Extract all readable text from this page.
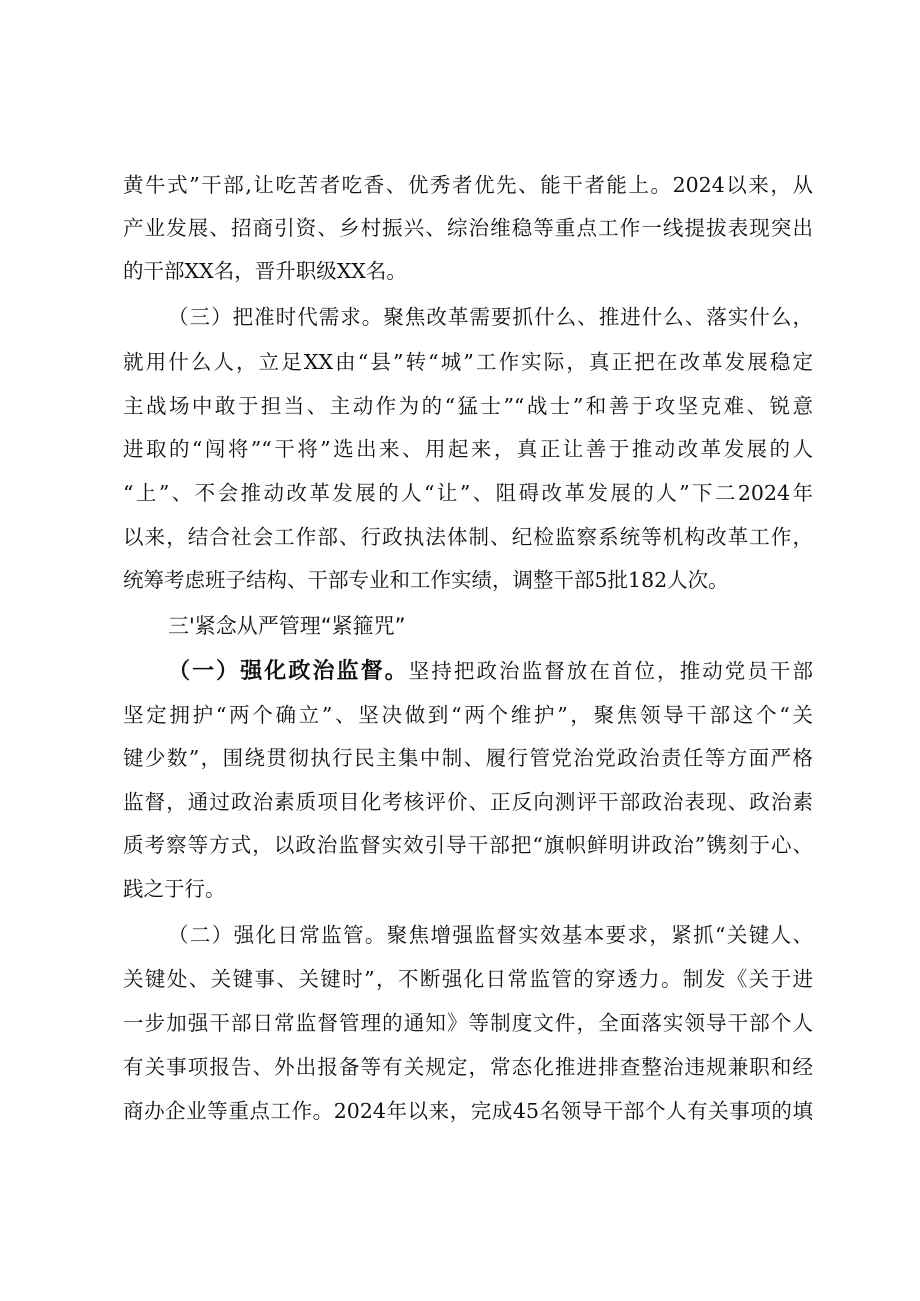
黄牛式”干部,让吃苦者吃香、优秀者优先、能干者能上。2024以来，从
产业发展、招商引资、乡村振兴、综治维稳等重点工作一线提拔表现突出
的干部XX名，晋升职级XX名。
（三）把准时代需求。聚焦改革需要抓什么、推进什么、落实什么，
就用什么人，立足XX由“县”转“城”工作实际，真正把在改革发展稳定
主战场中敢于担当、主动作为的“猛士”“战士”和善于攻坚克难、锐意
进取的“闯将”“干将”选出来、用起来，真正让善于推动改革发展的人
“上”、不会推动改革发展的人“让”、阻碍改革发展的人”下二2024年
以来，结合社会工作部、行政执法体制、纪检监察系统等机构改革工作，
统筹考虑班子结构、干部专业和工作实绩，调整干部5批182人次。
三'紧念从严管理“紧箍咒”
（一）强化政治监督。坚持把政治监督放在首位，推动党员干部
坚定拥护“两个确立”、坚决做到“两个维护”，聚焦领导干部这个“关
键少数”，围绕贯彻执行民主集中制、履行管党治党政治责任等方面严格
监督，通过政治素质项目化考核评价、正反向测评干部政治表现、政治素
质考察等方式，以政治监督实效引导干部把“旗帜鲜明讲政治”镌刻于心、
践之于行。
（二）强化日常监管。聚焦增强监督实效基本要求，紧抓“关键人、
关键处、关键事、关键时”，不断强化日常监管的穿透力。制发《关于进
一步加强干部日常监督管理的通知》等制度文件，全面落实领导干部个人
有关事项报告、外出报备等有关规定，常态化推进排查整治违规兼职和经
商办企业等重点工作。2024年以来，完成45名领导干部个人有关事项的填
